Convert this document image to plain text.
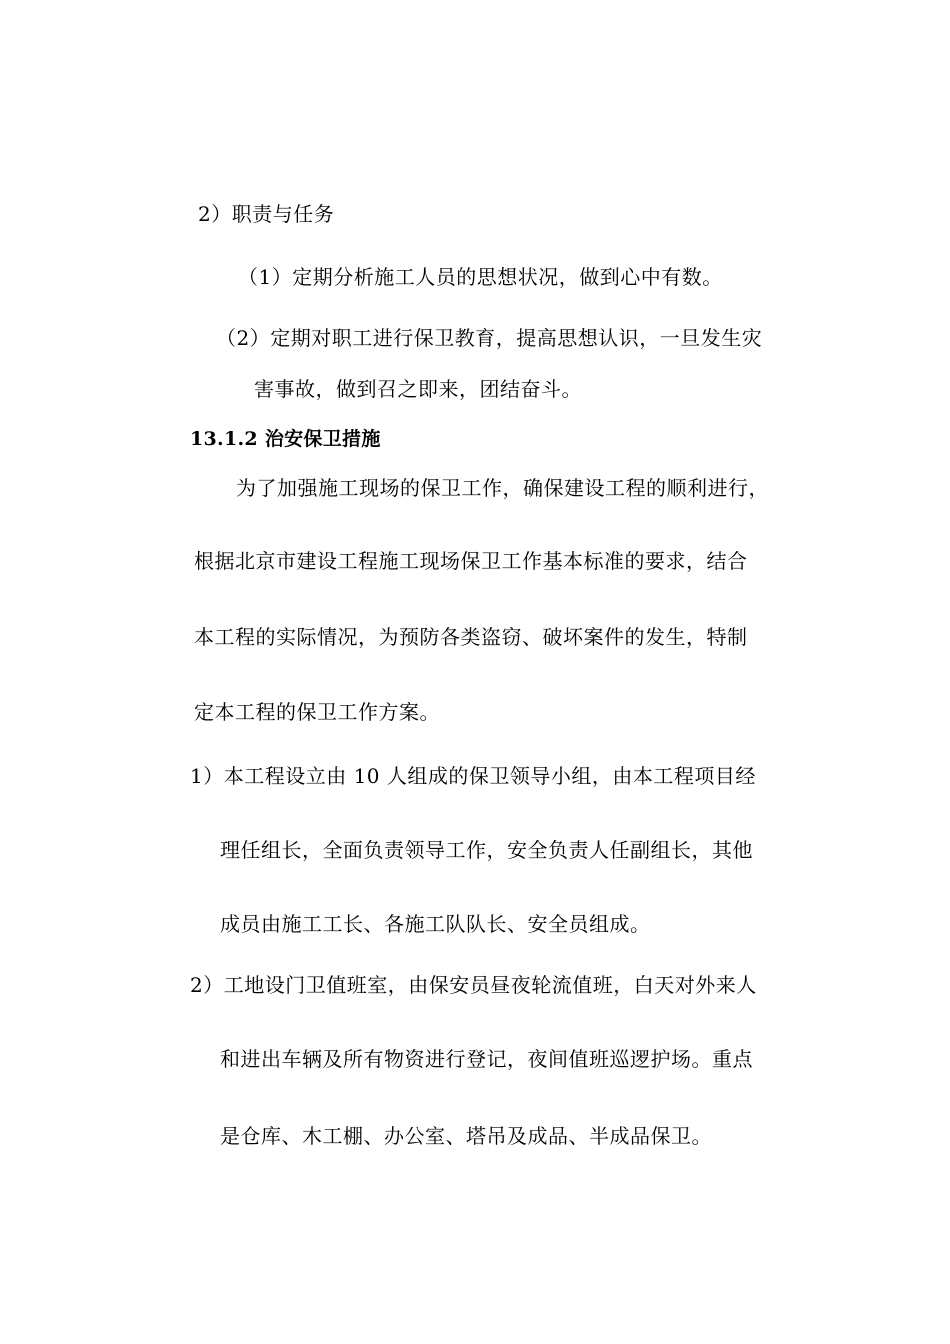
2）职责与任务
（1）定期分析施工人员的思想状况，做到心中有数。
（2）定期对职工进行保卫教育，提高思想认识，一旦发生灾
害事故，做到召之即来，团结奋斗。
13.1.2 治安保卫措施
为了加强施工现场的保卫工作，确保建设工程的顺利进行，
根据北京市建设工程施工现场保卫工作基本标准的要求，结合
本工程的实际情况，为预防各类盗窃、破坏案件的发生，特制
定本工程的保卫工作方案。
1）本工程设立由 10 人组成的保卫领导小组，由本工程项目经
理任组长，全面负责领导工作，安全负责人任副组长，其他
成员由施工工长、各施工队队长、安全员组成。
2）工地设门卫值班室，由保安员昼夜轮流值班，白天对外来人
和进出车辆及所有物资进行登记，夜间值班巡逻护场。重点
是仓库、木工棚、办公室、塔吊及成品、半成品保卫。
